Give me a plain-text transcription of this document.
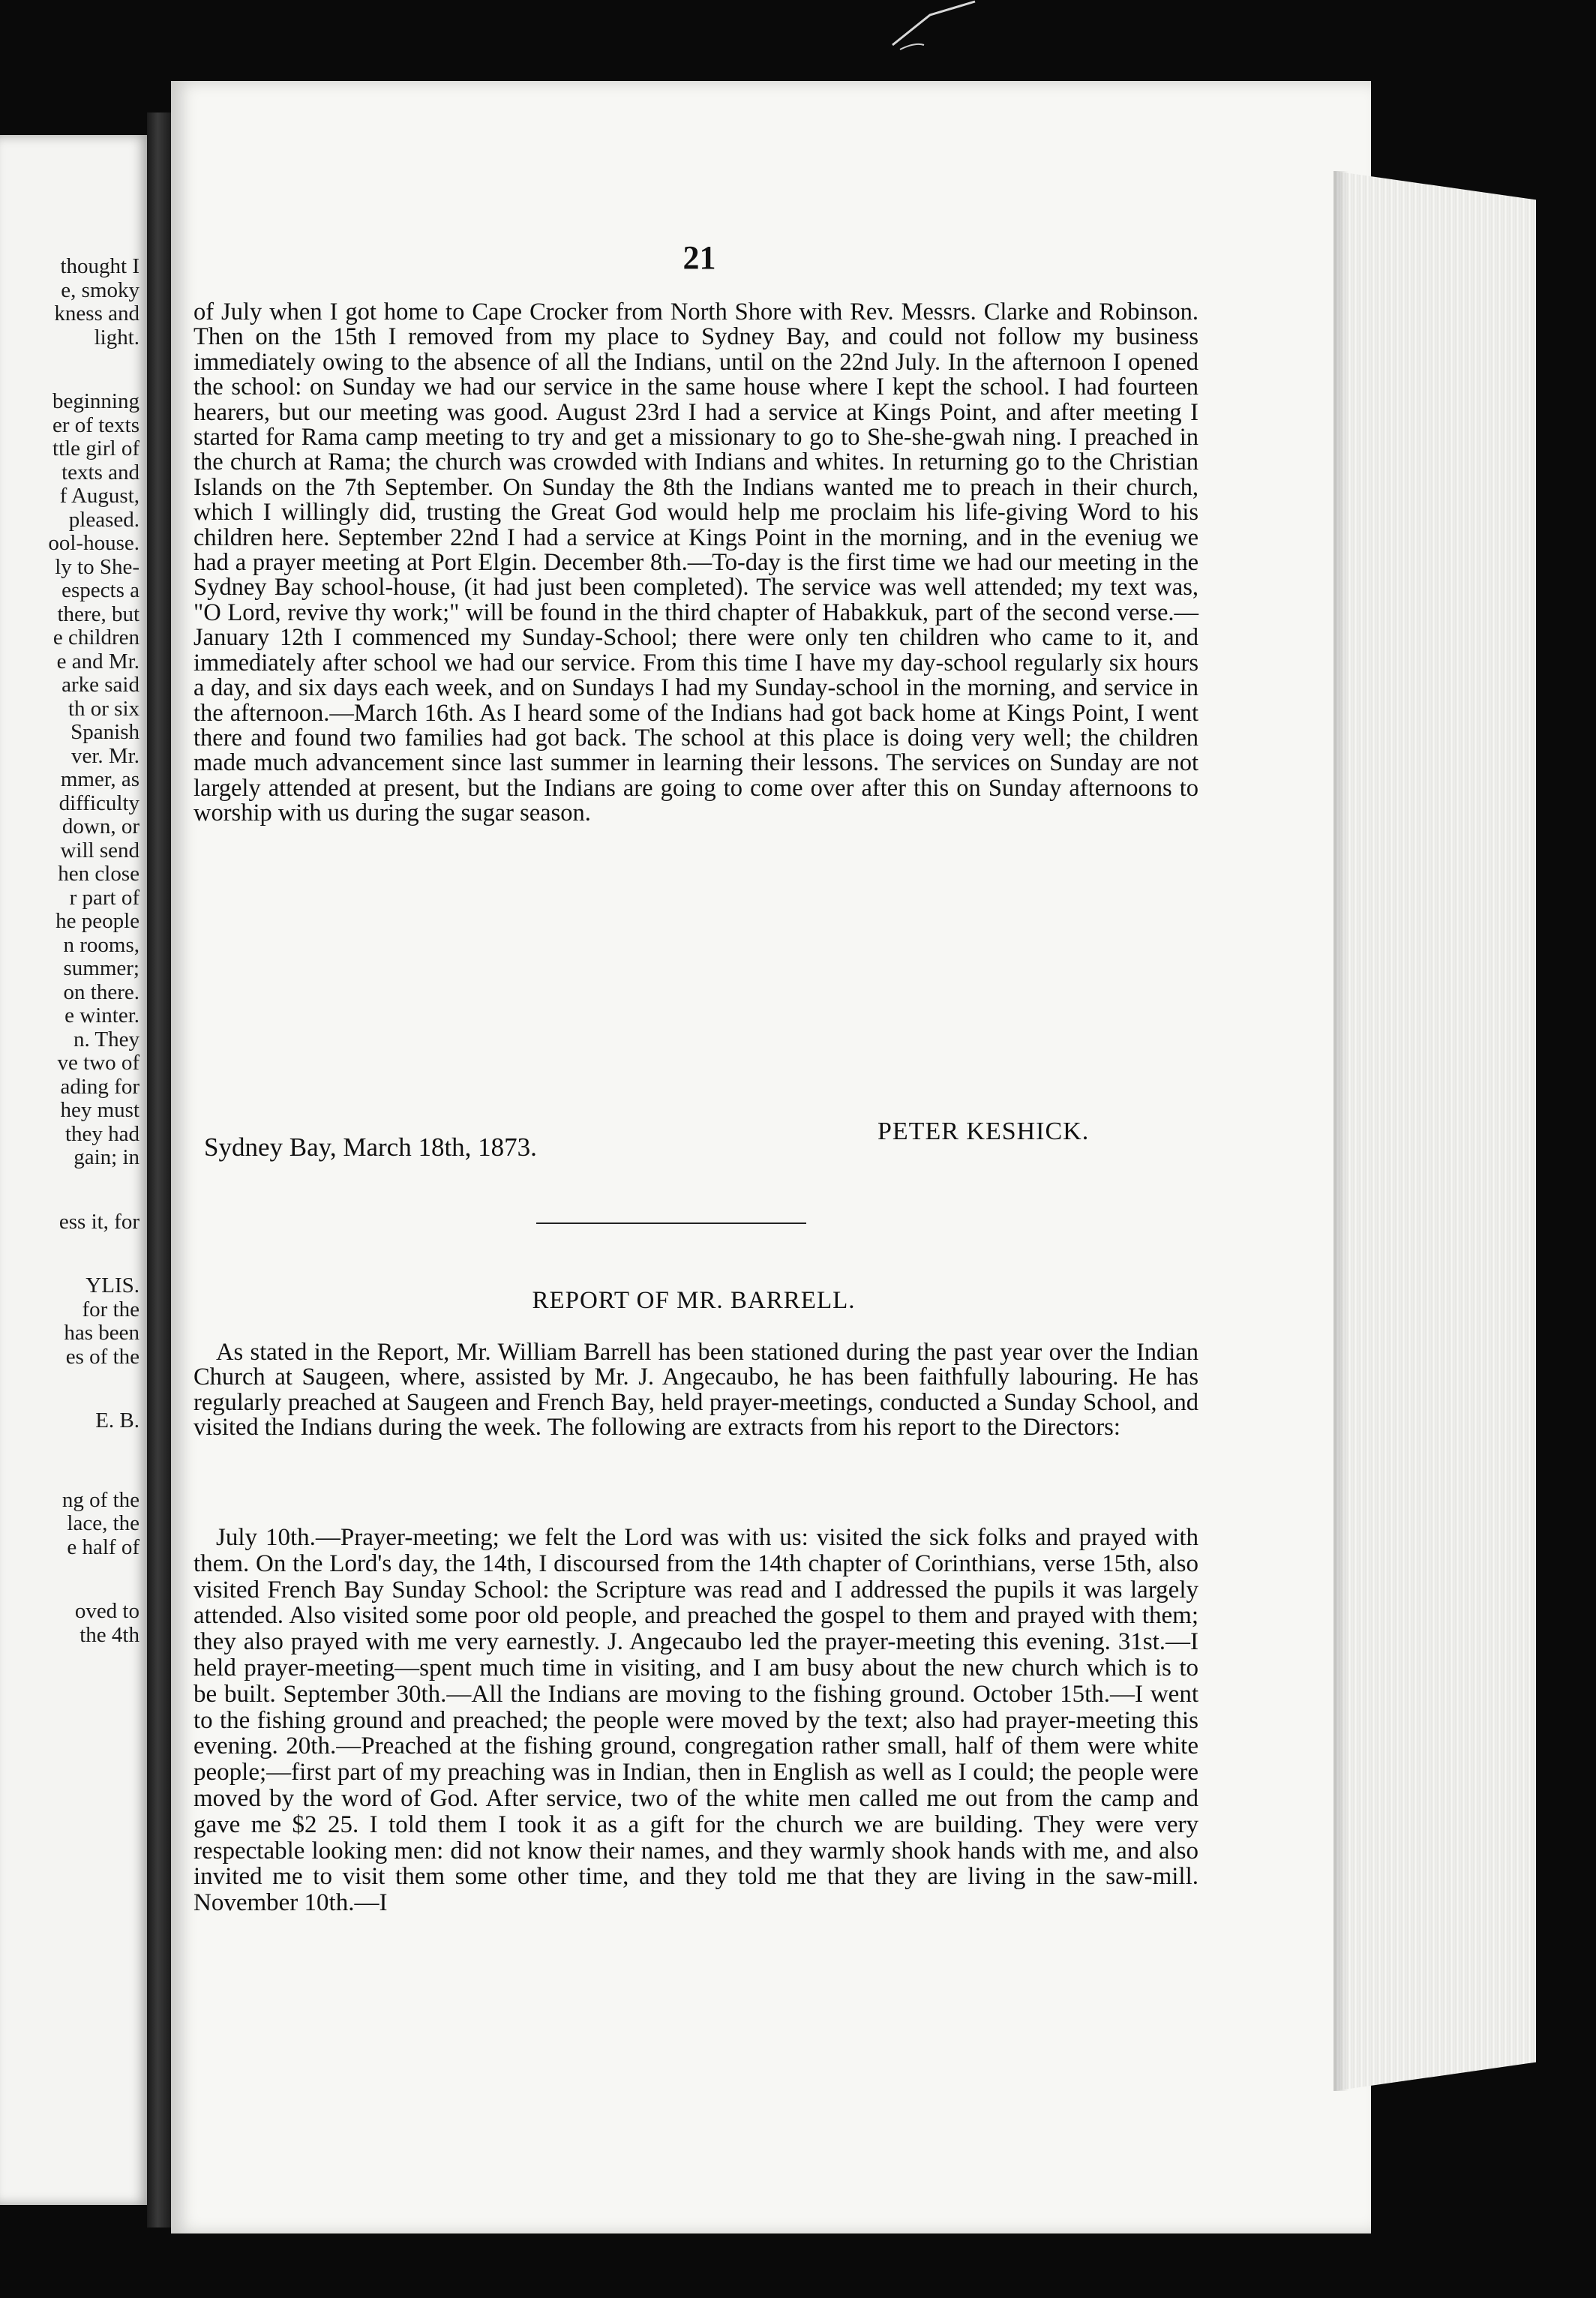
thought I
e, smoky
kness and
light.
beginning
er of texts
ttle girl of
texts and
f August,
pleased.
ool-house.
ly to She-
espects a
there, but
e children
e and Mr.
arke said
th or six
Spanish
ver. Mr.
mmer, as
difficulty
down, or
will send
hen close
r part of
he people
n rooms,
summer;
on there.
e winter.
n. They
ve two of
ading for
hey must
they had
gain; in
ess it, for
YLIS.
for the
has been
es of the
E. B.
ng of the
lace, the
e half of
oved to
the 4th
21
of July when I got home to Cape Crocker from North Shore with Rev. Messrs. Clarke and Robinson. Then on the 15th I removed from my place to Sydney Bay, and could not follow my business immediately owing to the absence of all the Indians, until on the 22nd July. In the afternoon I opened the school: on Sunday we had our service in the same house where I kept the school. I had fourteen hearers, but our meeting was good. August 23rd I had a service at Kings Point, and after meeting I started for Rama camp meeting to try and get a missionary to go to She-she-gwah ning. I preached in the church at Rama; the church was crowded with Indians and whites. In returning go to the Christian Islands on the 7th September. On Sunday the 8th the Indians wanted me to preach in their church, which I willingly did, trusting the Great God would help me proclaim his life-giving Word to his children here. September 22nd I had a service at Kings Point in the morning, and in the eveniug we had a prayer meeting at Port Elgin. December 8th.—To-day is the first time we had our meeting in the Sydney Bay school-house, (it had just been completed). The service was well attended; my text was, "O Lord, revive thy work;" will be found in the third chapter of Habakkuk, part of the second verse.—January 12th I commenced my Sunday-School; there were only ten children who came to it, and immediately after school we had our service. From this time I have my day-school regularly six hours a day, and six days each week, and on Sundays I had my Sunday-school in the morning, and service in the afternoon.—March 16th. As I heard some of the Indians had got back home at Kings Point, I went there and found two families had got back. The school at this place is doing very well; the children made much advancement since last summer in learning their lessons. The services on Sunday are not largely attended at present, but the Indians are going to come over after this on Sunday afternoons to worship with us during the sugar season.
Sydney Bay, March 18th, 1873.
PETER KESHICK.
REPORT OF MR. BARRELL.
As stated in the Report, Mr. William Barrell has been stationed during the past year over the Indian Church at Saugeen, where, assisted by Mr. J. Angecaubo, he has been faithfully labouring. He has regularly preached at Saugeen and French Bay, held prayer-meetings, conducted a Sunday School, and visited the Indians during the week. The following are extracts from his report to the Directors:
July 10th.—Prayer-meeting; we felt the Lord was with us: visited the sick folks and prayed with them. On the Lord's day, the 14th, I discoursed from the 14th chapter of Corinthians, verse 15th, also visited French Bay Sunday School: the Scripture was read and I addressed the pupils it was largely attended. Also visited some poor old people, and preached the gospel to them and prayed with them; they also prayed with me very earnestly. J. Angecaubo led the prayer-meeting this evening. 31st.—I held prayer-meeting—spent much time in visiting, and I am busy about the new church which is to be built. September 30th.—All the Indians are moving to the fishing ground. October 15th.—I went to the fishing ground and preached; the people were moved by the text; also had prayer-meeting this evening. 20th.—Preached at the fishing ground, congregation rather small, half of them were white people;—first part of my preaching was in Indian, then in English as well as I could; the people were moved by the word of God. After service, two of the white men called me out from the camp and gave me $2 25. I told them I took it as a gift for the church we are building. They were very respectable looking men: did not know their names, and they warmly shook hands with me, and also invited me to visit them some other time, and they told me that they are living in the saw-mill. November 10th.—I
